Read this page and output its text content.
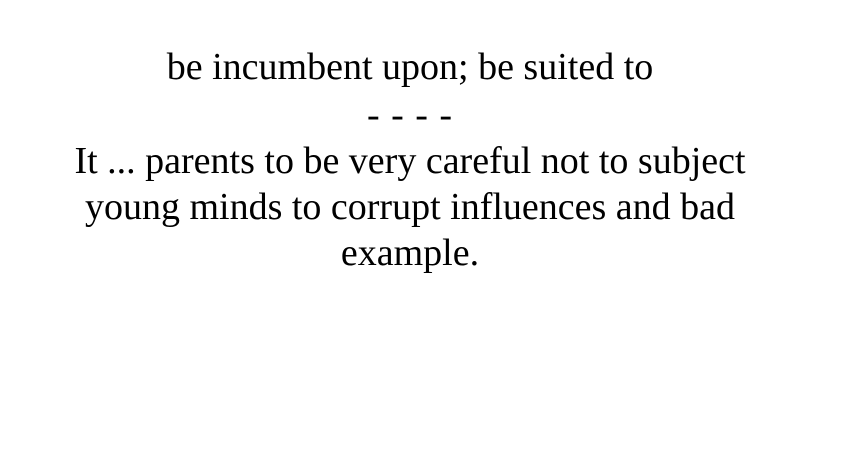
be incumbent upon; be suited to
- - - -
It ... parents to be very careful not to subject young minds to corrupt influences and bad example.
